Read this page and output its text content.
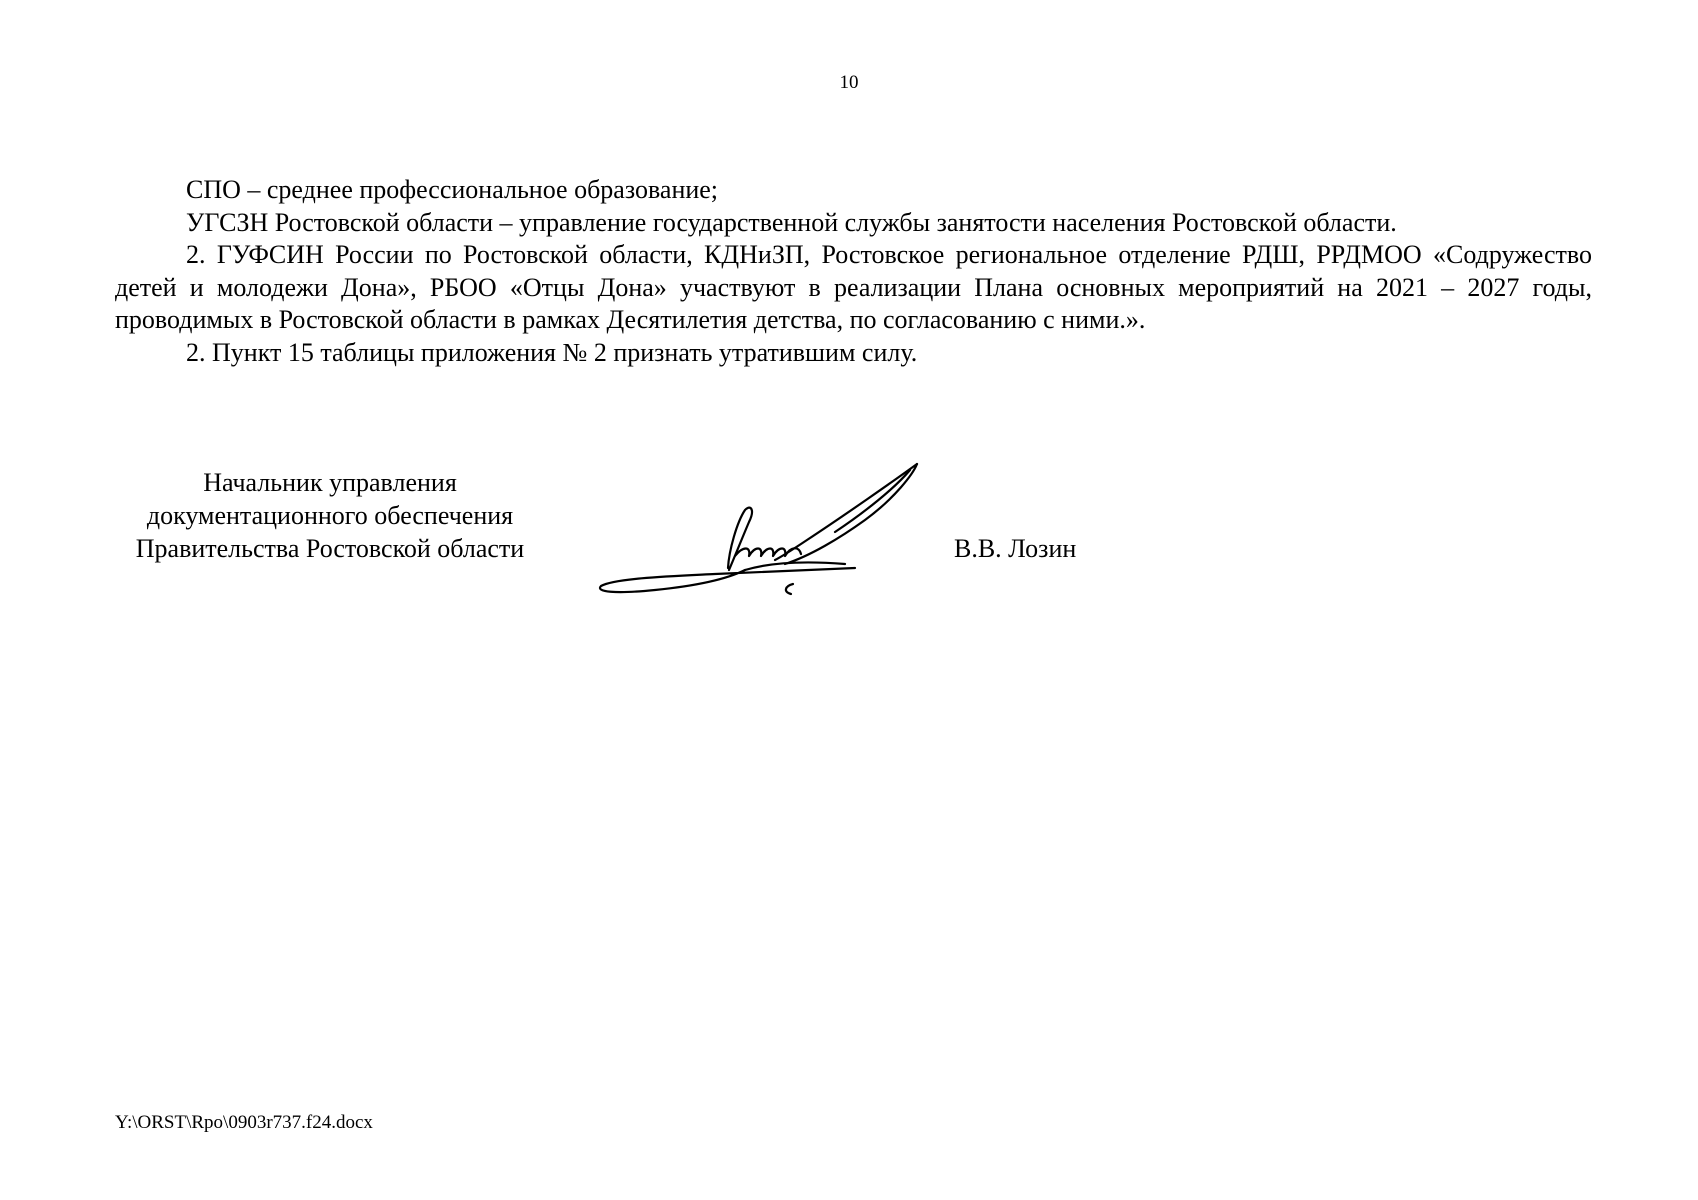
10

СПО – среднее профессиональное образование;

УГСЗН Ростовской области – управление государственной службы занятости населения Ростовской области.

2. ГУФСИН России по Ростовской области, КДНиЗП, Ростовское региональное отделение РДШ, РРДМОО «Содружество детей и молодежи Дона», РБОО «Отцы Дона» участвуют в реализации Плана основных мероприятий на 2021 – 2027 годы, проводимых в Ростовской области в рамках Десятилетия детства, по согласованию с ними.».

2. Пункт 15 таблицы приложения № 2 признать утратившим силу.

Начальник управления
документационного обеспечения
Правительства Ростовской области	В.В. Лозин
Y:\ORST\Rpo\0903r737.f24.docx
